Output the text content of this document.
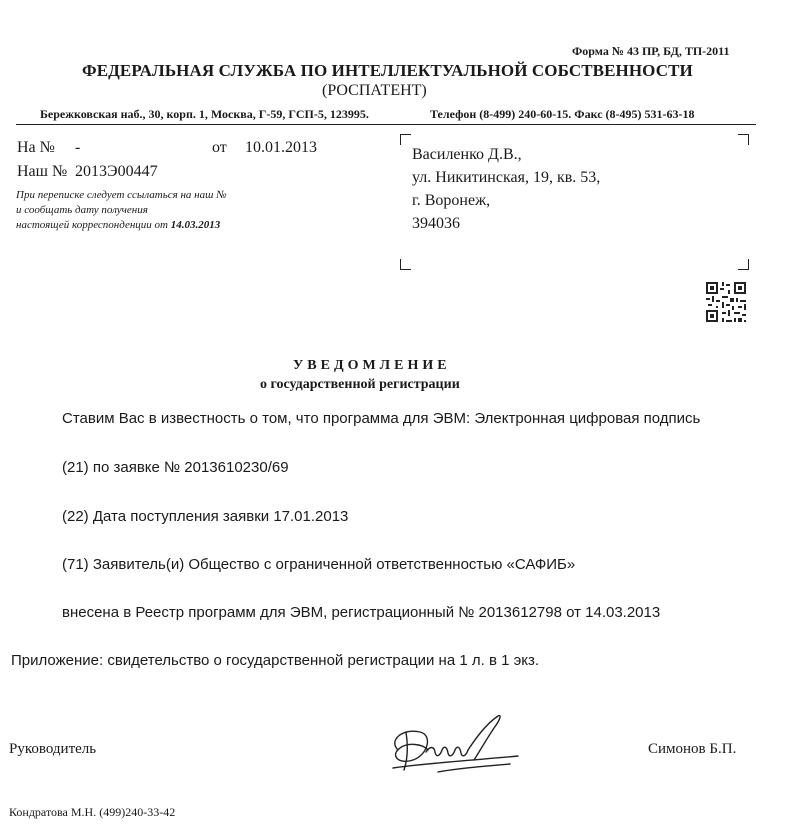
Форма № 43 ПР, БД, ТП-2011
ФЕДЕРАЛЬНАЯ СЛУЖБА ПО ИНТЕЛЛЕКТУАЛЬНОЙ СОБСТВЕННОСТИ
(РОСПАТЕНТ)
Бережковская наб., 30, корп. 1, Москва, Г-59, ГСП-5, 123995.	Телефон (8-499) 240-60-15. Факс (8-495) 531-63-18
На № -	от 10.01.2013
Наш № 2013Э00447
При переписке следует ссылаться на наш №
и сообщать дату получения
настоящей корреспонденции от 14.03.2013
Василенко Д.В.,
ул. Никитинская, 19, кв. 53,
г. Воронеж,
394036
УВЕДОМЛЕНИЕ
о государственной регистрации
Ставим Вас в известность о том, что программа для ЭВМ: Электронная цифровая подпись
(21) по заявке № 2013610230/69
(22) Дата поступления заявки 17.01.2013
(71) Заявитель(и) Общество с ограниченной ответственностью «САФИБ»
внесена в Реестр программ для ЭВМ, регистрационный № 2013612798 от 14.03.2013
Приложение: свидетельство о государственной регистрации на 1 л. в 1 экз.
Руководитель	Симонов Б.П.
Кондратова М.Н. (499)240-33-42
